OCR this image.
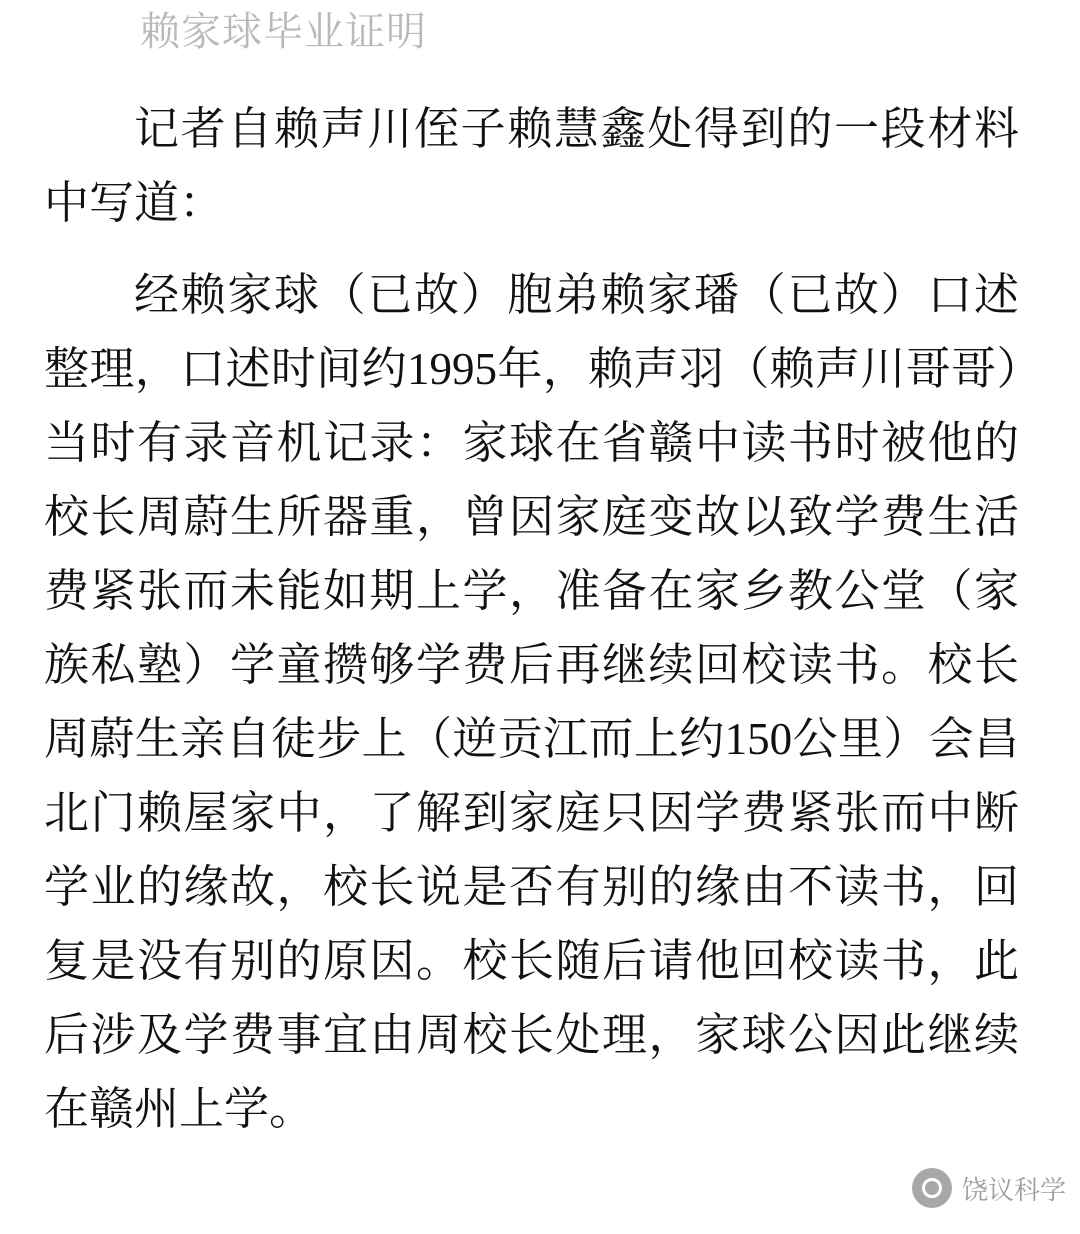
赖家球毕业证明

记者自赖声川侄子赖慧鑫处得到的一段材料中写道：

经赖家球（已故）胞弟赖家璠（已故）口述整理，口述时间约1995年，赖声羽（赖声川哥哥）当时有录音机记录：家球在省赣中读书时被他的校长周蔚生所器重，曾因家庭变故以致学费生活费紧张而未能如期上学，准备在家乡教公堂（家族私塾）学童攒够学费后再继续回校读书。校长周蔚生亲自徒步上（逆贡江而上约150公里）会昌北门赖屋家中，了解到家庭只因学费紧张而中断学业的缘故，校长说是否有别的缘由不读书，回复是没有别的原因。校长随后请他回校读书，此后涉及学费事宜由周校长处理，家球公因此继续在赣州上学。

饶议科学
